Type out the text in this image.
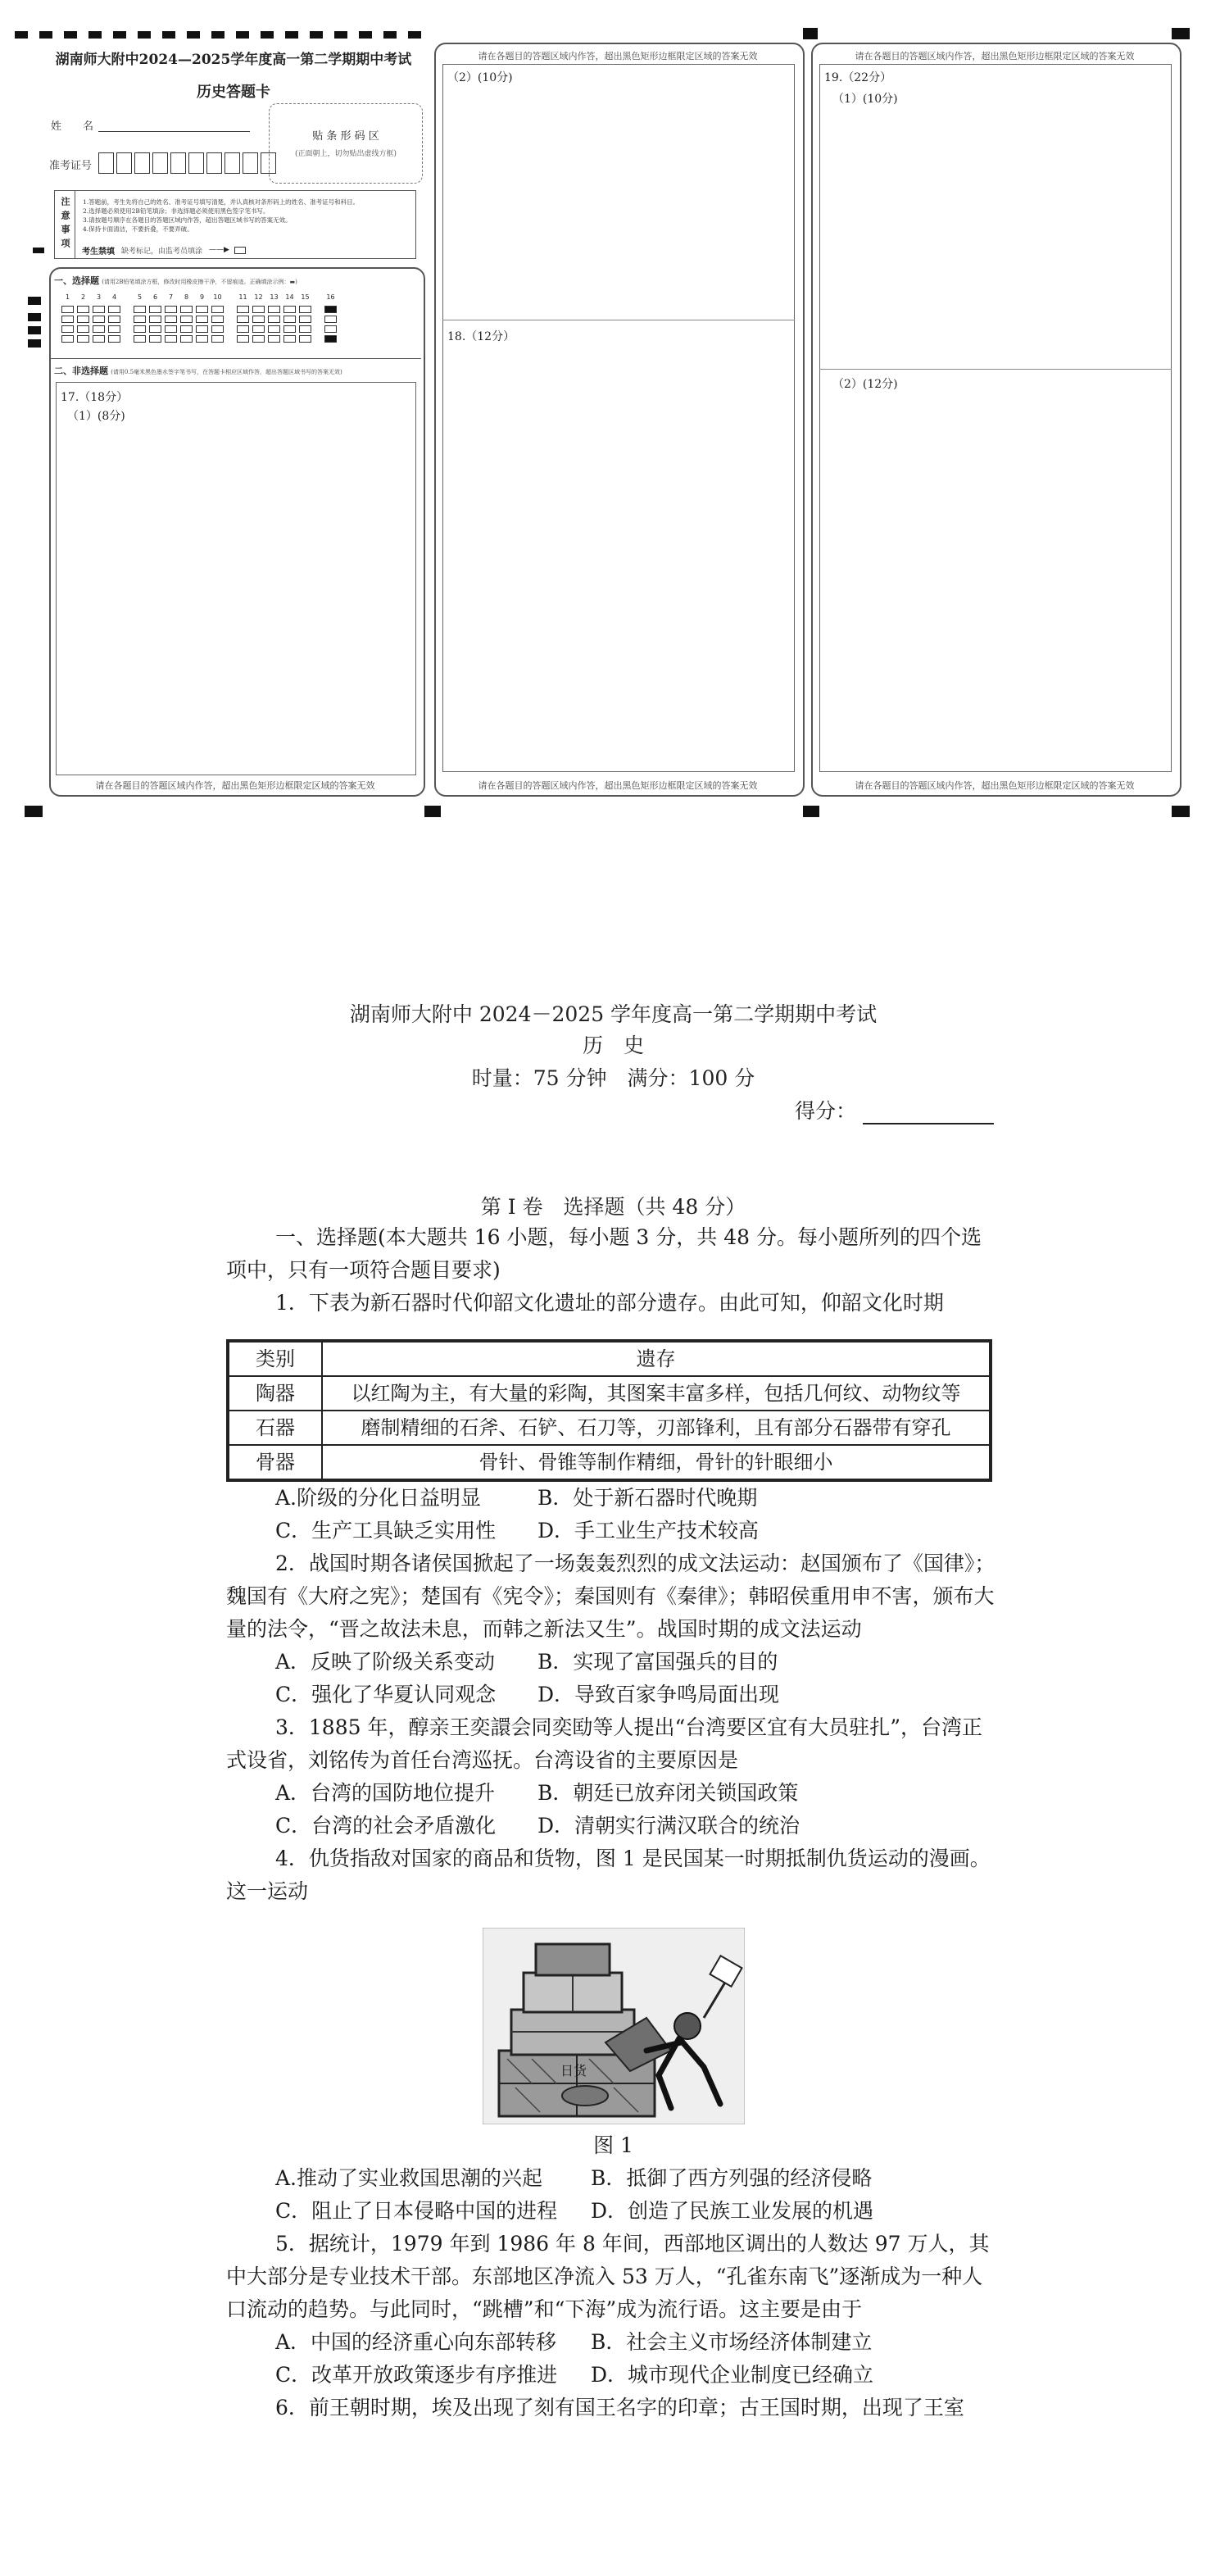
湖南师大附中2024—2025学年度高一第二学期期中考试
历史答题卡
姓　　名
准考证号
贴 条 形 码 区
(正面朝上，切勿贴出虚线方框)
注意事项	1.答题前，考生先将自己的姓名、准考证号填写清楚，并认真核对条形码上的姓名、准考证号和科目。
2.选择题必须使用2B铅笔填涂；非选择题必须使用黑色签字笔书写。
3.请按题号顺序在各题目的答题区域内作答，超出答题区域书写的答案无效。
4.保持卡面清洁，不要折叠，不要弄破。
考生禁填 缺考标记，由监考员填涂 ——▶
一、选择题 (请用2B铅笔填涂方框，修改时用橡皮擦干净，不留痕迹。正确填涂示例：▬)
1	2	3	4	5	6	7	8	9	10	11	12	13	14	15	16
二、非选择题 (请用0.5毫米黑色墨水签字笔书写，在答题卡相应区域作答，超出答题区域书写的答案无效)
17.（18分）
（1）(8分)
请在各题目的答题区域内作答，超出黑色矩形边框限定区域的答案无效
请在各题目的答题区域内作答，超出黑色矩形边框限定区域的答案无效
（2）(10分)
18.（12分）
请在各题目的答题区域内作答，超出黑色矩形边框限定区域的答案无效
请在各题目的答题区域内作答，超出黑色矩形边框限定区域的答案无效
19.（22分）
（1）(10分)
（2）(12分)
请在各题目的答题区域内作答，超出黑色矩形边框限定区域的答案无效
湖南师大附中 2024－2025 学年度高一第二学期期中考试
历　史
时量：75 分钟　满分：100 分
得分：
第 Ⅰ 卷　选择题（共 48 分）
一、选择题(本大题共 16 小题，每小题 3 分，共 48 分。每小题所列的四个选项中，只有一项符合题目要求)
1．下表为新石器时代仰韶文化遗址的部分遗存。由此可知，仰韶文化时期
类别	遗存
陶器	以红陶为主，有大量的彩陶，其图案丰富多样，包括几何纹、动物纹等
石器	磨制精细的石斧、石铲、石刀等，刃部锋利，且有部分石器带有穿孔
骨器	骨针、骨锥等制作精细，骨针的针眼细小
A.阶级的分化日益明显	B．处于新石器时代晚期
C．生产工具缺乏实用性 D．手工业生产技术较高
2．战国时期各诸侯国掀起了一场轰轰烈烈的成文法运动：赵国颁布了《国律》；魏国有《大府之宪》；楚国有《宪令》；秦国则有《秦律》；韩昭侯重用申不害，颁布大量的法令，“晋之故法未息，而韩之新法又生”。战国时期的成文法运动
A．反映了阶级关系变动 B．实现了富国强兵的目的
C．强化了华夏认同观念 D．导致百家争鸣局面出现
3．1885 年，醇亲王奕譞会同奕劻等人提出“台湾要区宜有大员驻扎”，台湾正式设省，刘铭传为首任台湾巡抚。台湾设省的主要原因是
A．台湾的国防地位提升 B．朝廷已放弃闭关锁国政策
C．台湾的社会矛盾激化 D．清朝实行满汉联合的统治
4．仇货指敌对国家的商品和货物，图 1 是民国某一时期抵制仇货运动的漫画。这一运动
日货
图 1
A.推动了实业救国思潮的兴起 B．抵御了西方列强的经济侵略
C．阻止了日本侵略中国的进程 D．创造了民族工业发展的机遇
5．据统计，1979 年到 1986 年 8 年间，西部地区调出的人数达 97 万人，其中大部分是专业技术干部。东部地区净流入 53 万人，“孔雀东南飞”逐渐成为一种人口流动的趋势。与此同时，“跳槽”和“下海”成为流行语。这主要是由于
A．中国的经济重心向东部转移 B．社会主义市场经济体制建立
C．改革开放政策逐步有序推进 D．城市现代企业制度已经确立
6．前王朝时期，埃及出现了刻有国王名字的印章；古王国时期，出现了王室
